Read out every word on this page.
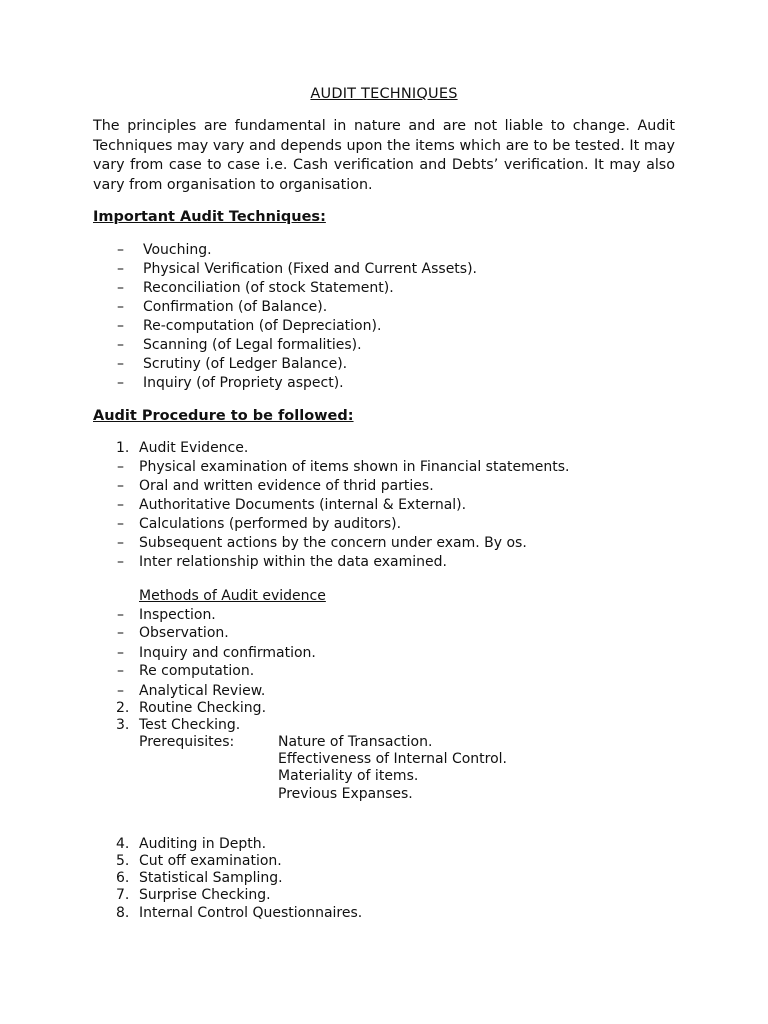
AUDIT TECHNIQUES
The principles are fundamental in nature and are not liable to change. Audit Techniques may vary and depends upon the items which are to be tested. It may vary from case to case i.e. Cash verification and Debts’ verification. It may also vary from organisation to organisation.
Important Audit Techniques:
– Vouching.
– Physical Verification (Fixed and Current Assets).
– Reconciliation (of stock Statement).
– Confirmation (of Balance).
– Re-computation (of Depreciation).
– Scanning (of Legal formalities).
– Scrutiny (of Ledger Balance).
– Inquiry (of Propriety aspect).
Audit Procedure to be followed:
1. Audit Evidence.
– Physical examination of items shown in Financial statements.
– Oral and written evidence of thrid parties.
– Authoritative Documents (internal & External).
– Calculations (performed by auditors).
– Subsequent actions by the concern under exam. By os.
– Inter relationship within the data examined.
Methods of Audit evidence
– Inspection.
– Observation.
– Inquiry and confirmation.
– Re computation.
– Analytical Review.
2. Routine Checking.
3. Test Checking.
Prerequisites:	Nature of Transaction.
Effectiveness of Internal Control.
Materiality of items.
Previous Expanses.
4. Auditing in Depth.
5. Cut off examination.
6. Statistical Sampling.
7. Surprise Checking.
8. Internal Control Questionnaires.
